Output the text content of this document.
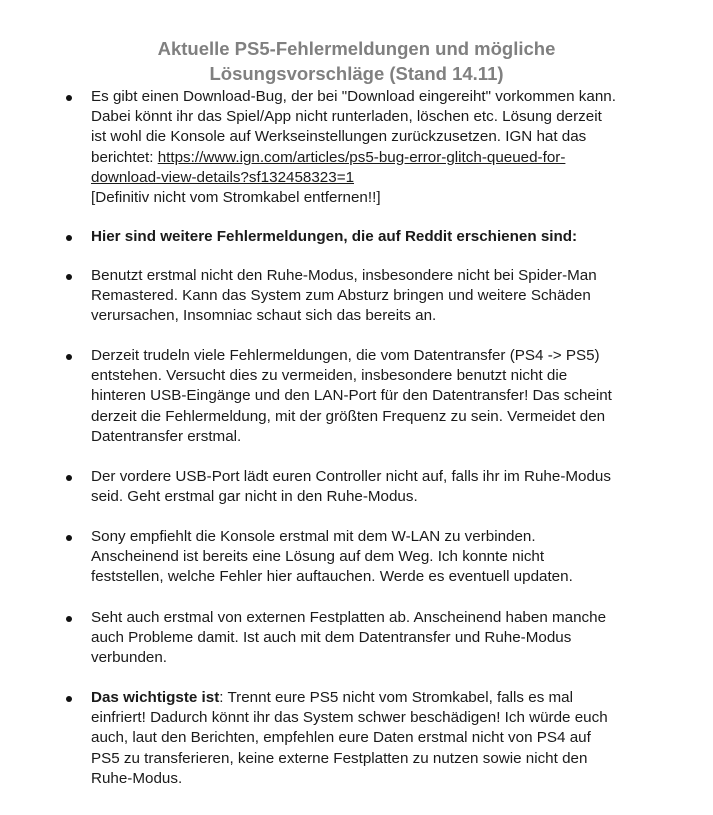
Aktuelle PS5-Fehlermeldungen und mögliche
Lösungsvorschläge (Stand 14.11)
Es gibt einen Download-Bug, der bei "Download eingereiht" vorkommen kann.
Dabei könnt ihr das Spiel/App nicht runterladen, löschen etc. Lösung derzeit
ist wohl die Konsole auf Werkseinstellungen zurückzusetzen. IGN hat das
berichtet: https://www.ign.com/articles/ps5-bug-error-glitch-queued-for-
download-view-details?sf132458323=1
[Definitiv nicht vom Stromkabel entfernen!!]
Hier sind weitere Fehlermeldungen, die auf Reddit erschienen sind:
Benutzt erstmal nicht den Ruhe-Modus, insbesondere nicht bei Spider-Man
Remastered. Kann das System zum Absturz bringen und weitere Schäden
verursachen, Insomniac schaut sich das bereits an.
Derzeit trudeln viele Fehlermeldungen, die vom Datentransfer (PS4 -> PS5)
entstehen. Versucht dies zu vermeiden, insbesondere benutzt nicht die
hinteren USB-Eingänge und den LAN-Port für den Datentransfer! Das scheint
derzeit die Fehlermeldung, mit der größten Frequenz zu sein. Vermeidet den
Datentransfer erstmal.
Der vordere USB-Port lädt euren Controller nicht auf, falls ihr im Ruhe-Modus
seid. Geht erstmal gar nicht in den Ruhe-Modus.
Sony empfiehlt die Konsole erstmal mit dem W-LAN zu verbinden.
Anscheinend ist bereits eine Lösung auf dem Weg. Ich konnte nicht
feststellen, welche Fehler hier auftauchen. Werde es eventuell updaten.
Seht auch erstmal von externen Festplatten ab. Anscheinend haben manche
auch Probleme damit. Ist auch mit dem Datentransfer und Ruhe-Modus
verbunden.
Das wichtigste ist: Trennt eure PS5 nicht vom Stromkabel, falls es mal
einfriert! Dadurch könnt ihr das System schwer beschädigen! Ich würde euch
auch, laut den Berichten, empfehlen eure Daten erstmal nicht von PS4 auf
PS5 zu transferieren, keine externe Festplatten zu nutzen sowie nicht den
Ruhe-Modus.
